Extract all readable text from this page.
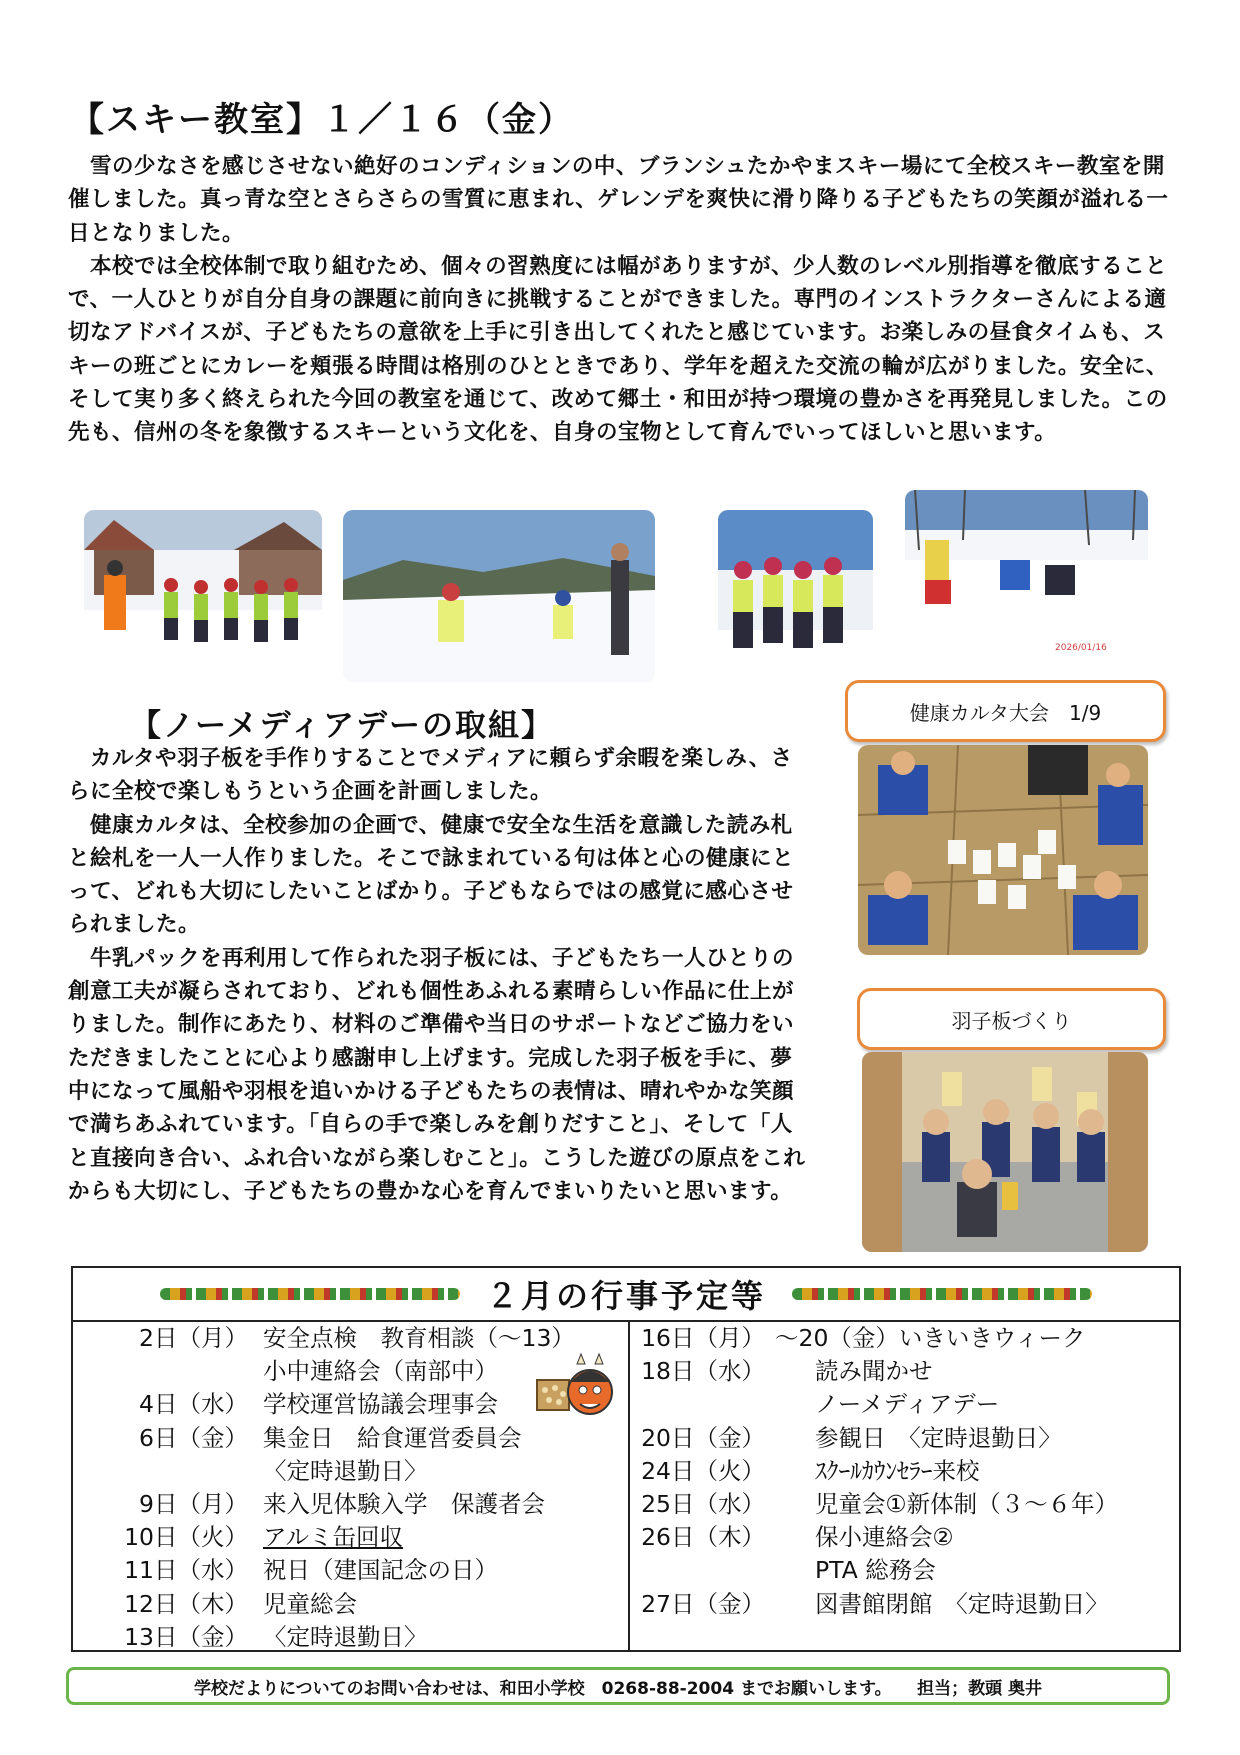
【スキー教室】１／１６（金）

　雪の少なさを感じさせない絶好のコンディションの中、ブランシュたかやまスキー場にて全校スキー教室を開催しました。真っ青な空とさらさらの雪質に恵まれ、ゲレンデを爽快に滑り降りる子どもたちの笑顔が溢れる一日となりました。

　本校では全校体制で取り組むため、個々の習熟度には幅がありますが、少人数のレベル別指導を徹底することで、一人ひとりが自分自身の課題に前向きに挑戦することができました。専門のインストラクターさんによる適切なアドバイスが、子どもたちの意欲を上手に引き出してくれたと感じています。お楽しみの昼食タイムも、スキーの班ごとにカレーを頬張る時間は格別のひとときであり、学年を超えた交流の輪が広がりました。安全に、そして実り多く終えられた今回の教室を通じて、改めて郷土・和田が持つ環境の豊かさを再発見しました。この先も、信州の冬を象徴するスキーという文化を、自身の宝物として育んでいってほしいと思います。

2026/01/16
【ノーメディアデーの取組】

　カルタや羽子板を手作りすることでメディアに頼らず余暇を楽しみ、さらに全校で楽しもうという企画を計画しました。

　健康カルタは、全校参加の企画で、健康で安全な生活を意識した読み札と絵札を一人一人作りました。そこで詠まれている句は体と心の健康にとって、どれも大切にしたいことばかり。子どもならではの感覚に感心させられました。

　牛乳パックを再利用して作られた羽子板には、子どもたち一人ひとりの創意工夫が凝らされており、どれも個性あふれる素晴らしい作品に仕上がりました。制作にあたり、材料のご準備や当日のサポートなどご協力をいただきましたことに心より感謝申し上げます。完成した羽子板を手に、夢中になって風船や羽根を追いかける子どもたちの表情は、晴れやかな笑顔で満ちあふれています。「自らの手で楽しみを創りだすこと」、そして「人と直接向き合い、ふれ合いながら楽しむこと」。こうした遊びの原点をこれからも大切にし、子どもたちの豊かな心を育んでまいりたいと思います。

健康カルタ大会　1/9
羽子板づくり
２月の行事予定等
2日（月） 安全点検　教育相談（～13）
小中連絡会（南部中）
4日（水） 学校運営協議会理事会
6日（金） 集金日　給食運営委員会
〈定時退勤日〉
9日（月） 来入児体験入学　保護者会
10日（火） アルミ缶回収
11日（水） 祝日（建国記念の日）
12日（木） 児童総会
13日（金） 〈定時退勤日〉
16日（月） ～20（金）いきいきウィーク
18日（水）	読み聞かせ
ノーメディアデー
20日（金）	参観日　〈定時退勤日〉
24日（火）	ｽｸｰﾙｶｳﾝｾﾗｰ来校
25日（水）	児童会①新体制（３～６年）
26日（木）	保小連絡会②
PTA 総務会
27日（金）	図書館閉館　〈定時退勤日〉
学校だよりについてのお問い合わせは、和田小学校　0268-88-2004 までお願いします。　　担当；教頭 奥井
